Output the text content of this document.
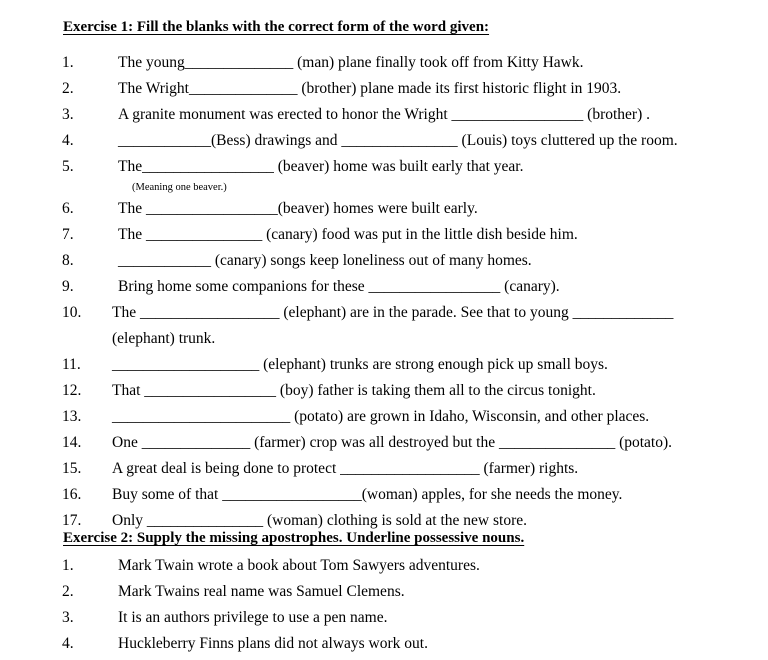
Exercise 1: Fill the blanks with the correct form of the word given:
1.	The young______________ (man) plane finally took off from Kitty Hawk.
2.	The Wright______________ (brother) plane made its first historic flight in 1903.
3.	A granite monument was erected to honor the Wright _________________ (brother) .
4.	____________(Bess) drawings and _______________ (Louis) toys cluttered up the room.
5.	The_________________ (beaver) home was built early that year.
(Meaning one beaver.)
6.	The _________________(beaver) homes were built early.
7.	The _______________ (canary) food was put in the little dish beside him.
8.	____________ (canary) songs keep loneliness out of many homes.
9.	Bring home some companions for these _________________ (canary).
10.	The __________________ (elephant) are in the parade. See that to young _____________
(elephant) trunk.
11.	___________________ (elephant) trunks are strong enough pick up small boys.
12.	That _________________ (boy) father is taking them all to the circus tonight.
13.	_______________________ (potato) are grown in Idaho, Wisconsin, and other places.
14.	One ______________ (farmer) crop was all destroyed but the _______________ (potato).
15.	A great deal is being done to protect __________________ (farmer) rights.
16.	Buy some of that __________________(woman) apples, for she needs the money.
17.	Only _______________ (woman) clothing is sold at the new store.
Exercise 2: Supply the missing apostrophes. Underline possessive nouns.
1.	Mark Twain wrote a book about Tom Sawyers adventures.
2.	Mark Twains real name was Samuel Clemens.
3.	It is an authors privilege to use a pen name.
4.	Huckleberry Finns plans did not always work out.
